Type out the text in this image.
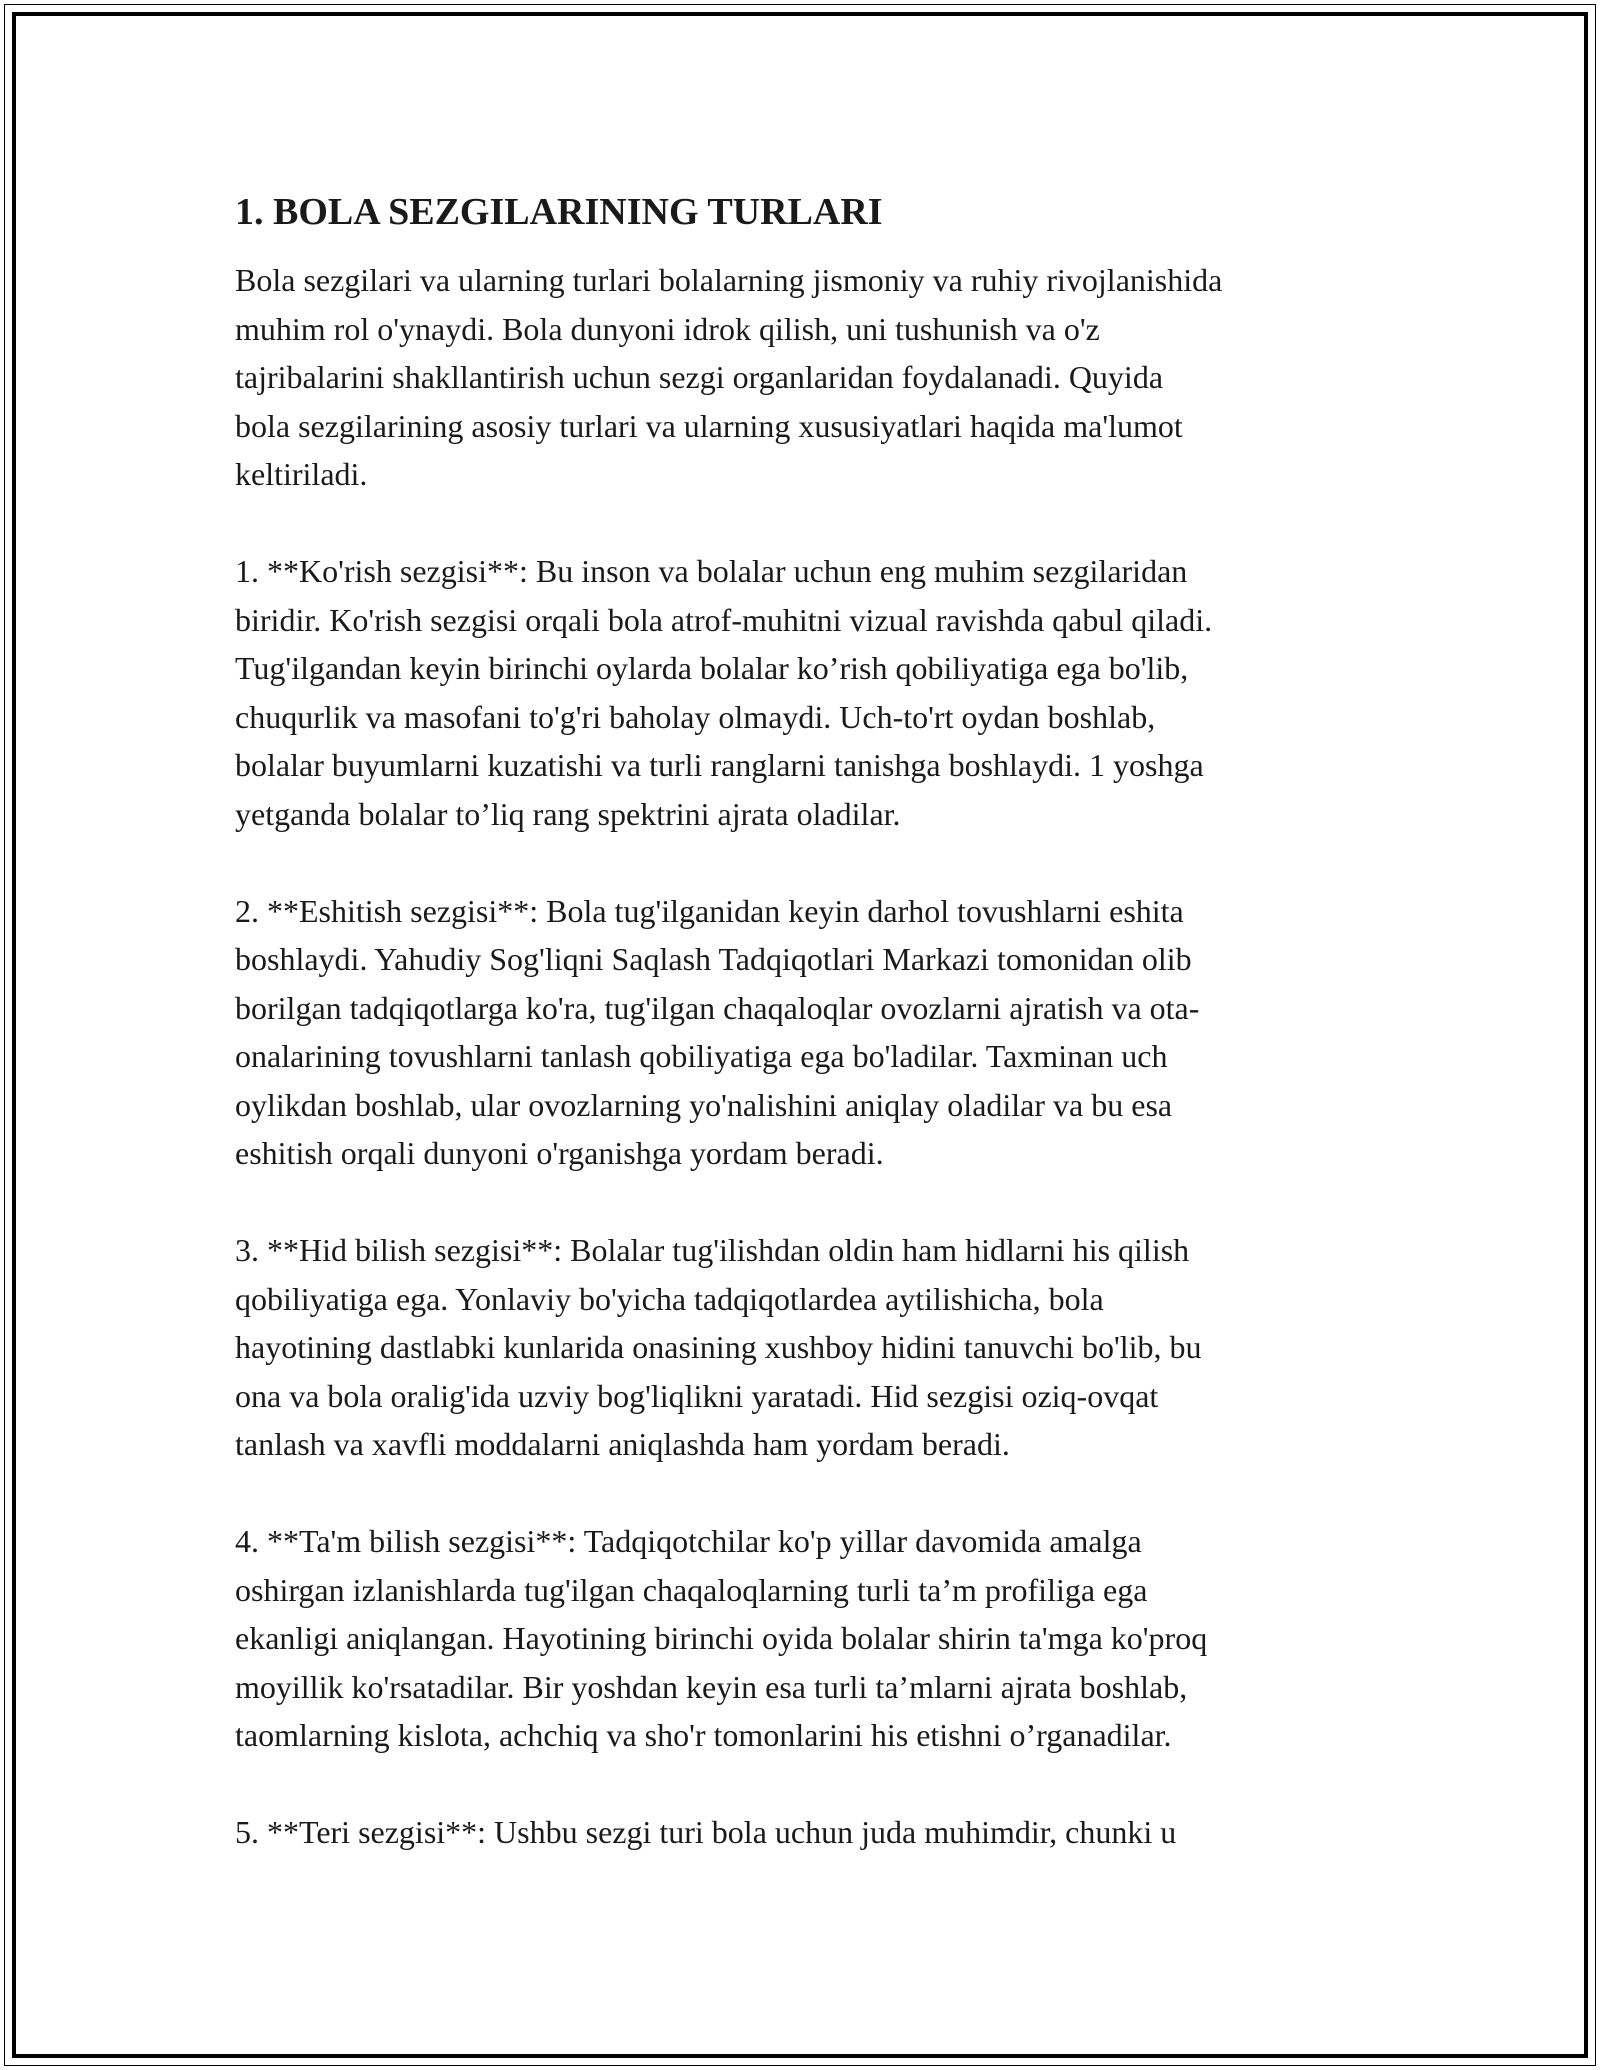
1. BOLA SEZGILARINING TURLARI
Bola sezgilari va ularning turlari bolalarning jismoniy va ruhiy rivojlanishida
muhim rol o'ynaydi. Bola dunyoni idrok qilish, uni tushunish va o'z
tajribalarini shakllantirish uchun sezgi organlaridan foydalanadi. Quyida
bola sezgilarining asosiy turlari va ularning xususiyatlari haqida ma'lumot
keltiriladi.
1. **Ko'rish sezgisi**: Bu inson va bolalar uchun eng muhim sezgilaridan
biridir. Ko'rish sezgisi orqali bola atrof-muhitni vizual ravishda qabul qiladi.
Tug'ilgandan keyin birinchi oylarda bolalar ko’rish qobiliyatiga ega bo'lib,
chuqurlik va masofani to'g'ri baholay olmaydi. Uch-to'rt oydan boshlab,
bolalar buyumlarni kuzatishi va turli ranglarni tanishga boshlaydi. 1 yoshga
yetganda bolalar to’liq rang spektrini ajrata oladilar.
2. **Eshitish sezgisi**: Bola tug'ilganidan keyin darhol tovushlarni eshita
boshlaydi. Yahudiy Sog'liqni Saqlash Tadqiqotlari Markazi tomonidan olib
borilgan tadqiqotlarga ko'ra, tug'ilgan chaqaloqlar ovozlarni ajratish va ota-
onalarining tovushlarni tanlash qobiliyatiga ega bo'ladilar. Taxminan uch
oylikdan boshlab, ular ovozlarning yo'nalishini aniqlay oladilar va bu esa
eshitish orqali dunyoni o'rganishga yordam beradi.
3. **Hid bilish sezgisi**: Bolalar tug'ilishdan oldin ham hidlarni his qilish
qobiliyatiga ega. Yonlaviy bo'yicha tadqiqotlardea aytilishicha, bola
hayotining dastlabki kunlarida onasining xushboy hidini tanuvchi bo'lib, bu
ona va bola oralig'ida uzviy bog'liqlikni yaratadi. Hid sezgisi oziq-ovqat
tanlash va xavfli moddalarni aniqlashda ham yordam beradi.
4. **Ta'm bilish sezgisi**: Tadqiqotchilar ko'p yillar davomida amalga
oshirgan izlanishlarda tug'ilgan chaqaloqlarning turli ta’m profiliga ega
ekanligi aniqlangan. Hayotining birinchi oyida bolalar shirin ta'mga ko'proq
moyillik ko'rsatadilar. Bir yoshdan keyin esa turli ta’mlarni ajrata boshlab,
taomlarning kislota, achchiq va sho'r tomonlarini his etishni o’rganadilar.
5. **Teri sezgisi**: Ushbu sezgi turi bola uchun juda muhimdir, chunki u
